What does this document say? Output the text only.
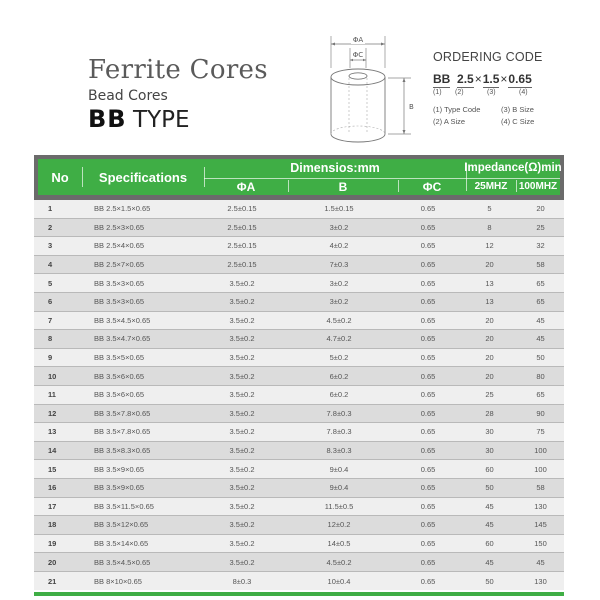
Ferrite Cores
Bead Cores
BB TYPE
ΦA
ΦC
B
ORDERING CODE
BB 2.5×1.5×0.65
(1) (2)	(3)	(4)
(1) Type Code	(3) B Size
(2) A Size	(4) C Size
No	Specifications
Dimensios:mm
ΦA	B	ΦC
Impedance(Ω)min
25MHZ	100MHZ
1	BB 2.5×1.5×0.65	2.5±0.15	1.5±0.15	0.65	5	20
2	BB 2.5×3×0.65	2.5±0.15	3±0.2	0.65	8	25
3	BB 2.5×4×0.65	2.5±0.15	4±0.2	0.65	12	32
4	BB 2.5×7×0.65	2.5±0.15	7±0.3	0.65	20	58
5	BB 3.5×3×0.65	3.5±0.2	3±0.2	0.65	13	65
6	BB 3.5×3×0.65	3.5±0.2	3±0.2	0.65	13	65
7	BB 3.5×4.5×0.65	3.5±0.2	4.5±0.2	0.65	20	45
8	BB 3.5×4.7×0.65	3.5±0.2	4.7±0.2	0.65	20	45
9	BB 3.5×5×0.65	3.5±0.2	5±0.2	0.65	20	50
10	BB 3.5×6×0.65	3.5±0.2	6±0.2	0.65	20	80
11	BB 3.5×6×0.65	3.5±0.2	6±0.2	0.65	25	65
12	BB 3.5×7.8×0.65	3.5±0.2	7.8±0.3	0.65	28	90
13	BB 3.5×7.8×0.65	3.5±0.2	7.8±0.3	0.65	30	75
14	BB 3.5×8.3×0.65	3.5±0.2	8.3±0.3	0.65	30	100
15	BB 3.5×9×0.65	3.5±0.2	9±0.4	0.65	60	100
16	BB 3.5×9×0.65	3.5±0.2	9±0.4	0.65	50	58
17	BB 3.5×11.5×0.65	3.5±0.2	11.5±0.5	0.65	45	130
18	BB 3.5×12×0.65	3.5±0.2	12±0.2	0.65	45	145
19	BB 3.5×14×0.65	3.5±0.2	14±0.5	0.65	60	150
20	BB 3.5×4.5×0.65	3.5±0.2	4.5±0.2	0.65	45	45
21	BB 8×10×0.65	8±0.3	10±0.4	0.65	50	130
